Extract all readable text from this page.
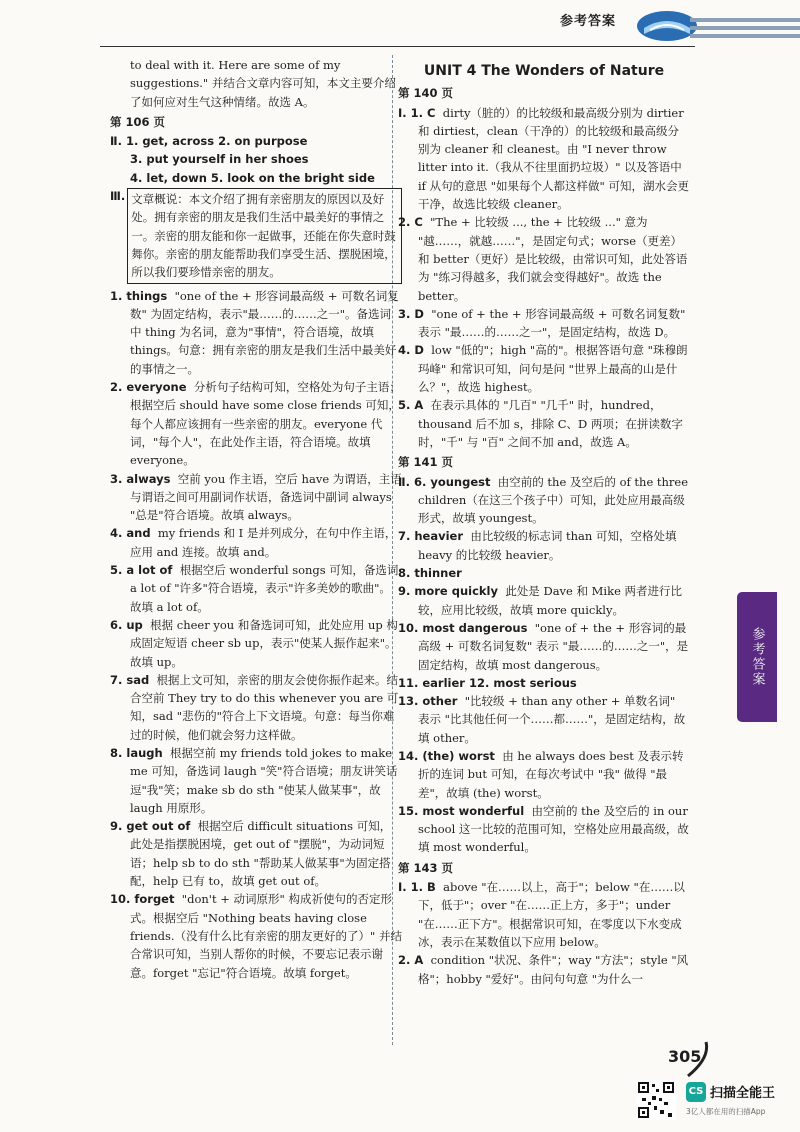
参考答案

to deal with it. Here are some of my suggestions." 并结合文章内容可知，本文主要介绍了如何应对生气这种情绪。故选 A。

第 106 页

Ⅱ. 1. get, across 2. on purpose

3. put yourself in her shoes

4. let, down 5. look on the bright side

Ⅲ. 文章概说：本文介绍了拥有亲密朋友的原因以及好处。拥有亲密的朋友是我们生活中最美好的事情之一。亲密的朋友能和你一起做事，还能在你失意时鼓舞你。亲密的朋友能帮助我们享受生活、摆脱困境，所以我们要珍惜亲密的朋友。

1. things "one of the + 形容词最高级 + 可数名词复数" 为固定结构，表示"最……的……之一"。备选词中 thing 为名词，意为"事情"，符合语境，故填 things。句意：拥有亲密的朋友是我们生活中最美好的事情之一。

2. everyone 分析句子结构可知，空格处为句子主语；根据空后 should have some close friends 可知，每个人都应该拥有一些亲密的朋友。everyone 代词，"每个人"，在此处作主语，符合语境。故填 everyone。

3. always 空前 you 作主语，空后 have 为谓语，主语与谓语之间可用副词作状语，备选词中副词 always "总是"符合语境。故填 always。

4. and my friends 和 I 是并列成分，在句中作主语，应用 and 连接。故填 and。

5. a lot of 根据空后 wonderful songs 可知，备选词 a lot of "许多"符合语境，表示"许多美妙的歌曲"。故填 a lot of。

6. up 根据 cheer you 和备选词可知，此处应用 up 构成固定短语 cheer sb up，表示"使某人振作起来"。故填 up。

7. sad 根据上文可知，亲密的朋友会使你振作起来。结合空前 They try to do this whenever you are 可知，sad "悲伤的"符合上下文语境。句意：每当你难过的时候，他们就会努力这样做。

8. laugh 根据空前 my friends told jokes to make me 可知，备选词 laugh "笑"符合语境；朋友讲笑话逗"我"笑；make sb do sth "使某人做某事"，故 laugh 用原形。

9. get out of 根据空后 difficult situations 可知，此处是指摆脱困境，get out of "摆脱"，为动词短语；help sb to do sth "帮助某人做某事"为固定搭配，help 已有 to，故填 get out of。

10. forget "don't + 动词原形" 构成祈使句的否定形式。根据空后 "Nothing beats having close friends.（没有什么比有亲密的朋友更好的了）" 并结合常识可知，当别人帮你的时候，不要忘记表示谢意。forget "忘记"符合语境。故填 forget。

UNIT 4 The Wonders of Nature
第 140 页

Ⅰ. 1. C dirty（脏的）的比较级和最高级分别为 dirtier 和 dirtiest，clean（干净的）的比较级和最高级分别为 cleaner 和 cleanest。由 "I never throw litter into it.（我从不往里面扔垃圾）" 以及答语中 if 从句的意思 "如果每个人都这样做" 可知，湖水会更干净，故选比较级 cleaner。

2. C "The + 比较级 ..., the + 比较级 ..." 意为 "越……，就越……"，是固定句式；worse（更差）和 better（更好）是比较级，由常识可知，此处答语为 "练习得越多，我们就会变得越好"。故选 the better。

3. D "one of + the + 形容词最高级 + 可数名词复数" 表示 "最……的……之一"，是固定结构，故选 D。

4. D low "低的"；high "高的"。根据答语句意 "珠穆朗玛峰" 和常识可知，问句是问 "世界上最高的山是什么？"，故选 highest。

5. A 在表示具体的 "几百" "几千" 时，hundred，thousand 后不加 s，排除 C、D 两项；在拼读数字时，"千" 与 "百" 之间不加 and，故选 A。

第 141 页

Ⅱ. 6. youngest 由空前的 the 及空后的 of the three children（在这三个孩子中）可知，此处应用最高级形式，故填 youngest。

7. heavier 由比较级的标志词 than 可知，空格处填 heavy 的比较级 heavier。

8. thinner

9. more quickly 此处是 Dave 和 Mike 两者进行比较，应用比较级，故填 more quickly。

10. most dangerous "one of + the + 形容词的最高级 + 可数名词复数" 表示 "最……的……之一"，是固定结构，故填 most dangerous。

11. earlier 12. most serious

13. other "比较级 + than any other + 单数名词" 表示 "比其他任何一个……都……"，是固定结构，故填 other。

14. (the) worst 由 he always does best 及表示转折的连词 but 可知，在每次考试中 "我" 做得 "最差"，故填 (the) worst。

15. most wonderful 由空前的 the 及空后的 in our school 这一比较的范围可知，空格处应用最高级，故填 most wonderful。

第 143 页

Ⅰ. 1. B above "在……以上，高于"；below "在……以下，低于"；over "在……正上方，多于"；under "在……正下方"。根据常识可知，在零度以下水变成冰，表示在某数值以下应用 below。

2. A condition "状况、条件"；way "方法"；style "风格"；hobby "爱好"。由问句句意 "为什么一

参考答案
305
CS 扫描全能王
3亿人都在用的扫描App
